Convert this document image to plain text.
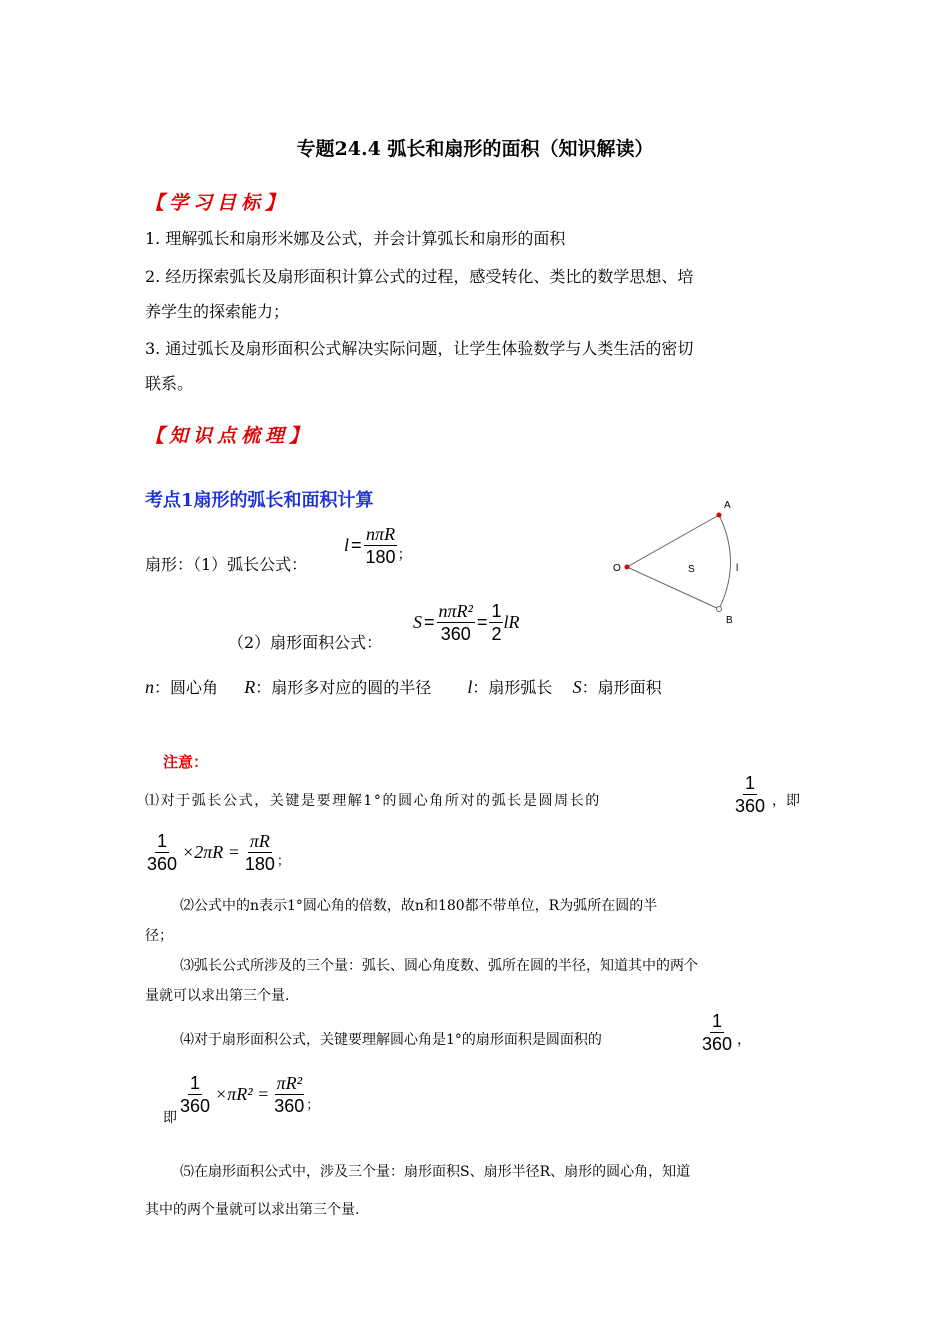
专题24.4 弧长和扇形的面积（知识解读）
【学习目标】
1. 理解弧长和扇形米娜及公式，并会计算弧长和扇形的面积
2. 经历探索弧长及扇形面积计算公式的过程，感受转化、类比的数学思想、培
养学生的探索能力；
3. 通过弧长及扇形面积公式解决实际问题，让学生体验数学与人类生活的密切
联系。
【知识点梳理】
考点1扇形的弧长和面积计算
扇形：（1）弧长公式：
$l = \frac{\text{nπR}}{180}$ ；
A
O	S	l
B
（2）扇形面积公式：
$S = \frac{\text{nπR²}}{360} = \frac{1}{2}$ lR
n：圆心角 R：扇形多对应的圆的半径 l：扇形弧长 S：扇形面积
注意：
⑴对于弧长公式，关键是要理解1°的圆心角所对的弧长是圆周长的	$\frac{1}{360}$ ，即
$\frac{1}{360} \times 2\pi R = \frac{\pi R}{180}$ ；
⑵公式中的n表示1°圆心角的倍数，故n和180都不带单位，R为弧所在圆的半
径；
⑶弧长公式所涉及的三个量：弧长、圆心角度数、弧所在圆的半径，知道其中的两个
量就可以求出第三个量.
⑷对于扇形面积公式，关键要理解圆心角是1°的扇形面积是圆面积的	$\frac{1}{360}$ ，
即
$\frac{1}{360} \times\pi R^2 = \frac{\text{πR²}}{360}$ ；
⑸在扇形面积公式中，涉及三个量：扇形面积S、扇形半径R、扇形的圆心角，知道
其中的两个量就可以求出第三个量.
